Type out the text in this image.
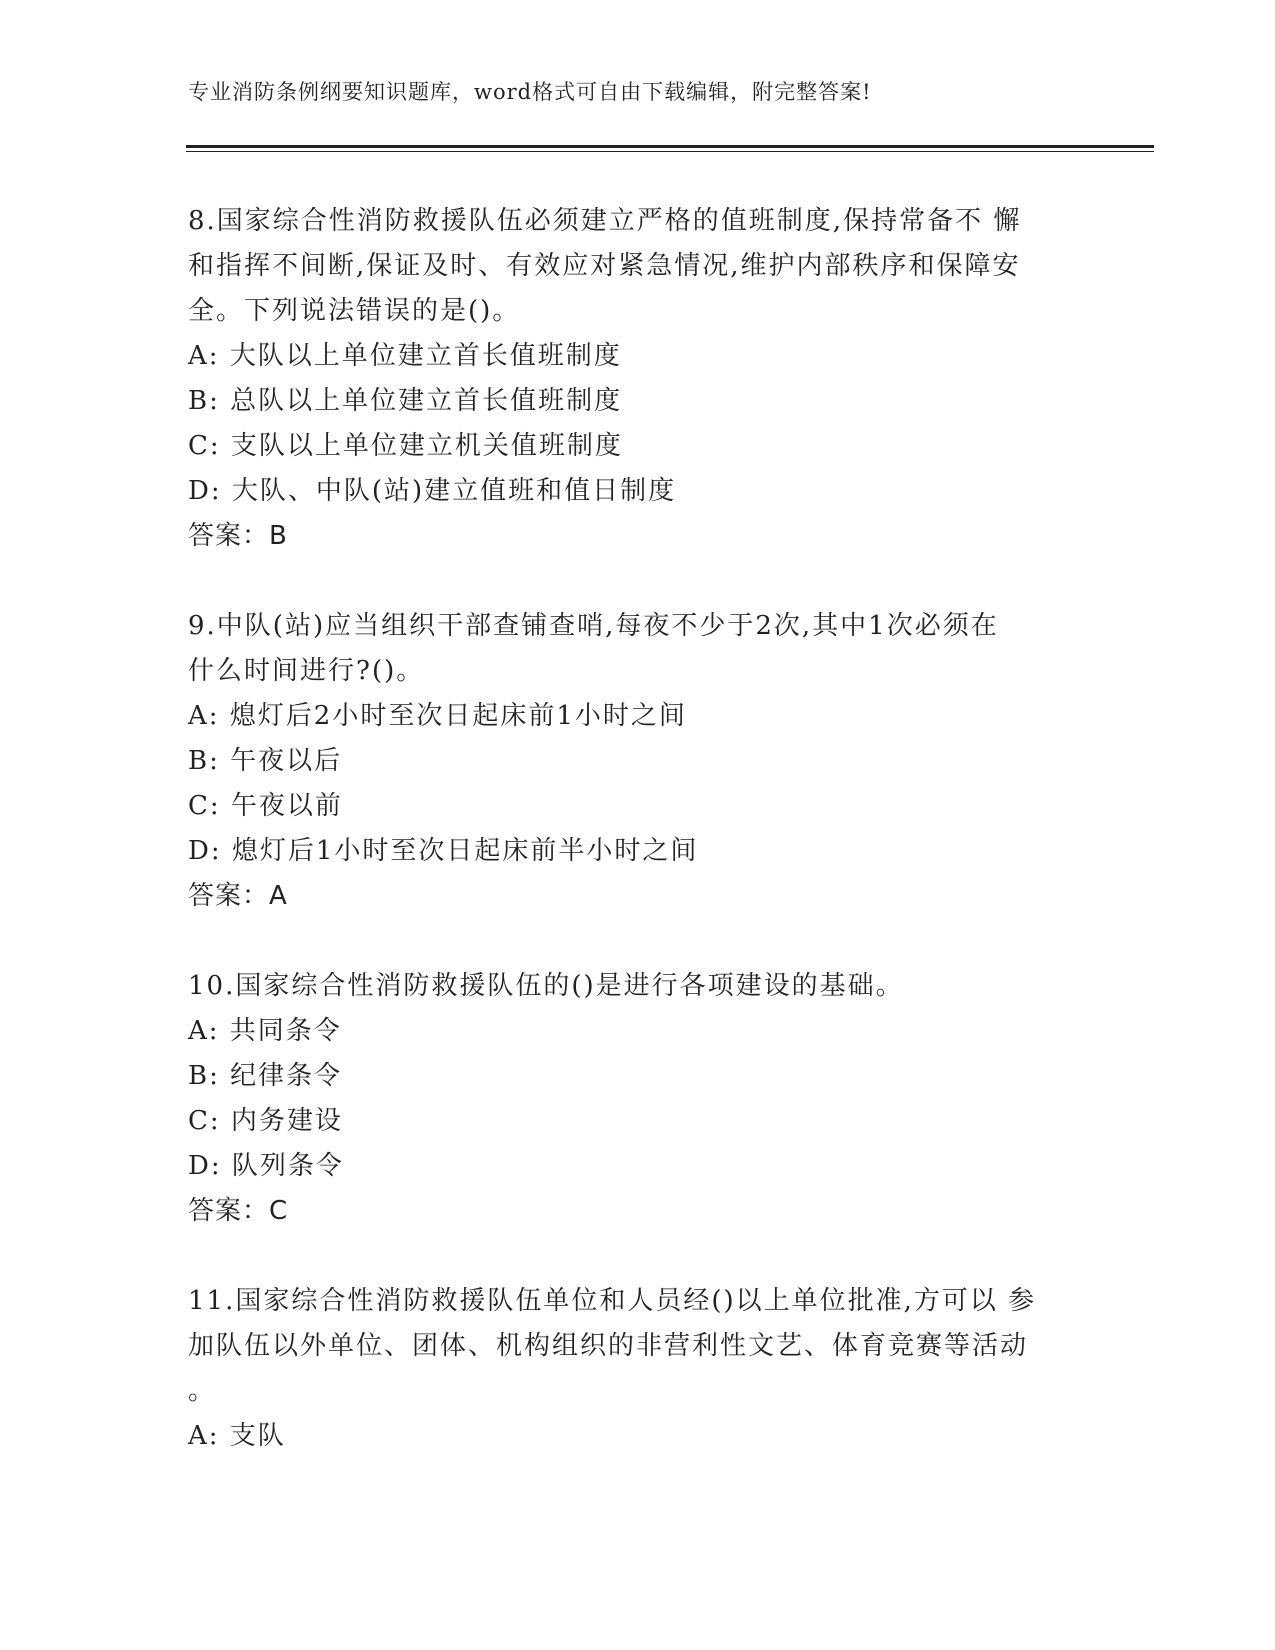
专业消防条例纲要知识题库，word格式可自由下载编辑，附完整答案!
8.国家综合性消防救援队伍必须建立严格的值班制度,保持常备不 懈
和指挥不间断,保证及时、有效应对紧急情况,维护内部秩序和保障安
全。下列说法错误的是()。
A: 大队以上单位建立首长值班制度
B: 总队以上单位建立首长值班制度
C: 支队以上单位建立机关值班制度
D: 大队、中队(站)建立值班和值日制度
答案：B
9.中队(站)应当组织干部查铺查哨,每夜不少于2次,其中1次必须在
什么时间进行?()。
A: 熄灯后2小时至次日起床前1小时之间
B: 午夜以后
C: 午夜以前
D: 熄灯后1小时至次日起床前半小时之间
答案：A
10.国家综合性消防救援队伍的()是进行各项建设的基础。
A: 共同条令
B: 纪律条令
C: 内务建设
D: 队列条令
答案：C
11.国家综合性消防救援队伍单位和人员经()以上单位批准,方可以 参
加队伍以外单位、团体、机构组织的非营利性文艺、体育竞赛等活动
。
A: 支队
